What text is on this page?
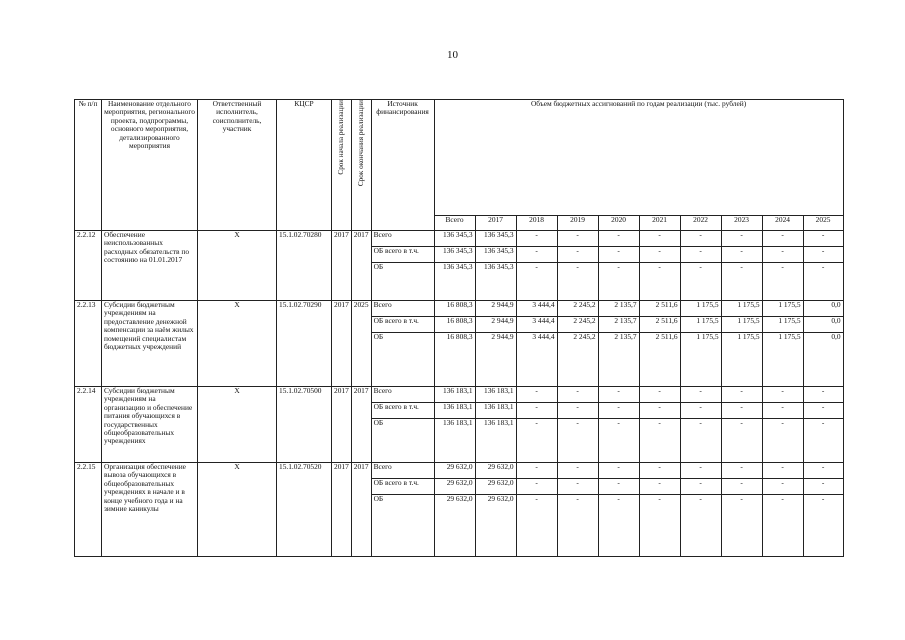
10
№ п/п	Наименование отдельного мероприятия, регионального проекта, подпрограммы, основного мероприятия, детализированного мероприятия	Ответственный исполнитель, соисполнитель, участник	КЦСР	Срок начала реализации	Срок окончания реализации	Источник финансирования	Объем бюджетных ассигнований по годам реализации (тыс. рублей)									
							Всего	2017	2018	2019	2020	2021	2022	2023	2024	2025
2.2.12	Обеспечение неиспользованных расходных обязательств по состоянию на 01.01.2017	X	15.1.02.70280	2017	2017	Всего	136 345,3	136 345,3	-	-	-	-	-	-	-	-
						ОБ всего в т.ч.	136 345,3	136 345,3	-	-	-	-	-	-	-	-
						ОБ	136 345,3	136 345,3	-	-	-	-	-	-	-	-
2.2.13	Субсидии бюджетным учреждениям на предоставление денежной компенсации за наём жилых помещений специалистам бюджетных учреждений	X	15.1.02.70290	2017	2025	Всего	16 808,3	2 944,9	3 444,4	2 245,2	2 135,7	2 511,6	1 175,5	1 175,5	1 175,5	0,0
						ОБ всего в т.ч.	16 808,3	2 944,9	3 444,4	2 245,2	2 135,7	2 511,6	1 175,5	1 175,5	1 175,5	0,0
						ОБ	16 808,3	2 944,9	3 444,4	2 245,2	2 135,7	2 511,6	1 175,5	1 175,5	1 175,5	0,0
2.2.14	Субсидии бюджетным учреждениям на организацию и обеспечение питания обучающихся в государственных общеобразовательных учреждениях	X	15.1.02.70500	2017	2017	Всего	136 183,1	136 183,1	-	-	-	-	-	-	-	-
						ОБ всего в т.ч.	136 183,1	136 183,1	-	-	-	-	-	-	-	-
						ОБ	136 183,1	136 183,1	-	-	-	-	-	-	-	-
2.2.15	Организация обеспечение вывоза обучающихся в общеобразовательных учреждениях в начале и в конце учебного года и на зимние каникулы	X	15.1.02.70520	2017	2017	Всего	29 632,0	29 632,0	-	-	-	-	-	-	-	-
						ОБ всего в т.ч.	29 632,0	29 632,0	-	-	-	-	-	-	-	-
						ОБ	29 632,0	29 632,0	-	-	-	-	-	-	-	-
